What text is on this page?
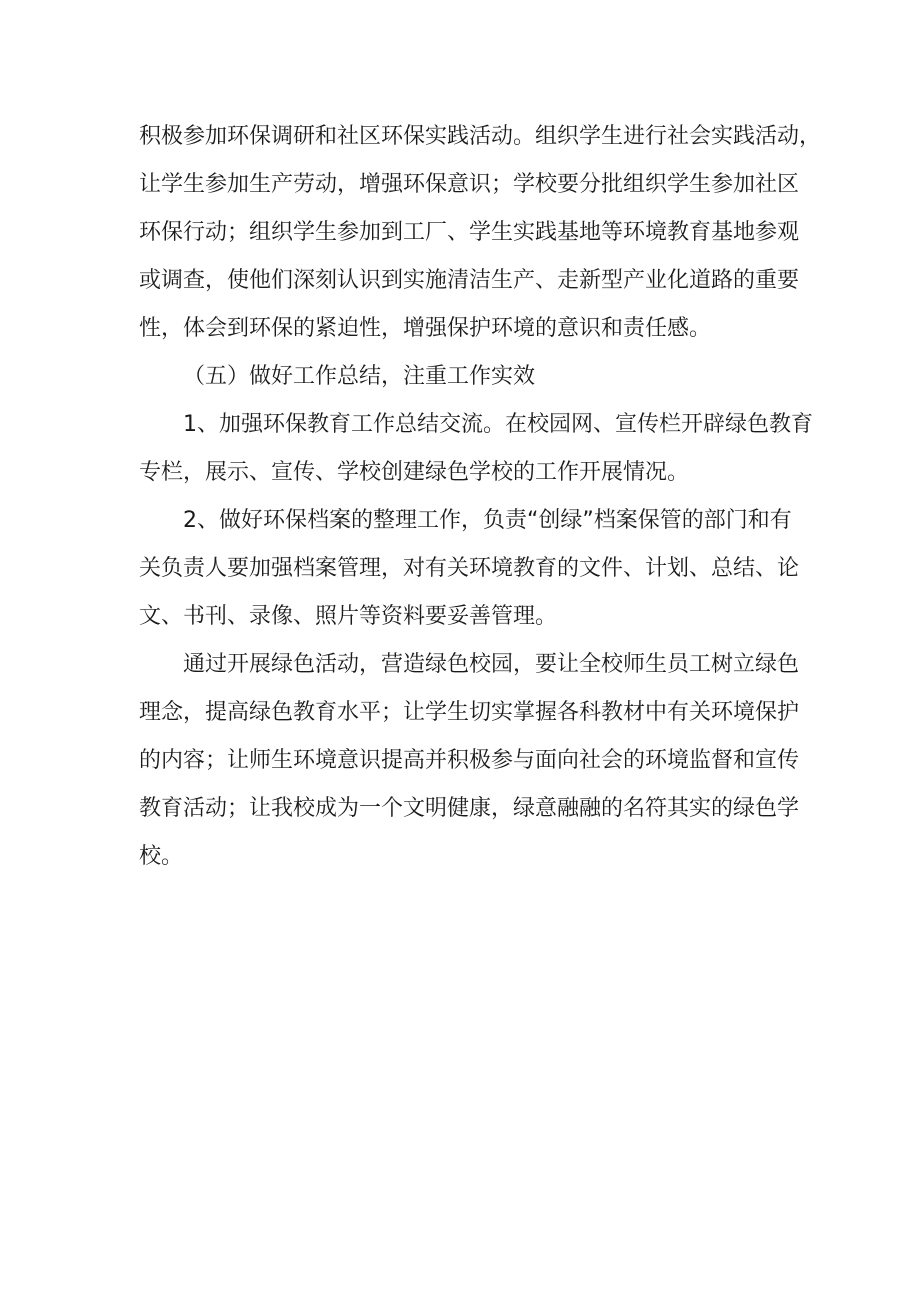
积极参加环保调研和社区环保实践活动。组织学生进行社会实践活动，
让学生参加生产劳动，增强环保意识；学校要分批组织学生参加社区
环保行动；组织学生参加到工厂、学生实践基地等环境教育基地参观
或调查，使他们深刻认识到实施清洁生产、走新型产业化道路的重要
性，体会到环保的紧迫性，增强保护环境的意识和责任感。
（五）做好工作总结，注重工作实效
1、加强环保教育工作总结交流。在校园网、宣传栏开辟绿色教育
专栏，展示、宣传、学校创建绿色学校的工作开展情况。
2、做好环保档案的整理工作，负责“创绿”档案保管的部门和有
关负责人要加强档案管理，对有关环境教育的文件、计划、总结、论
文、书刊、录像、照片等资料要妥善管理。
通过开展绿色活动，营造绿色校园，要让全校师生员工树立绿色
理念，提高绿色教育水平；让学生切实掌握各科教材中有关环境保护
的内容；让师生环境意识提高并积极参与面向社会的环境监督和宣传
教育活动；让我校成为一个文明健康，绿意融融的名符其实的绿色学
校。
